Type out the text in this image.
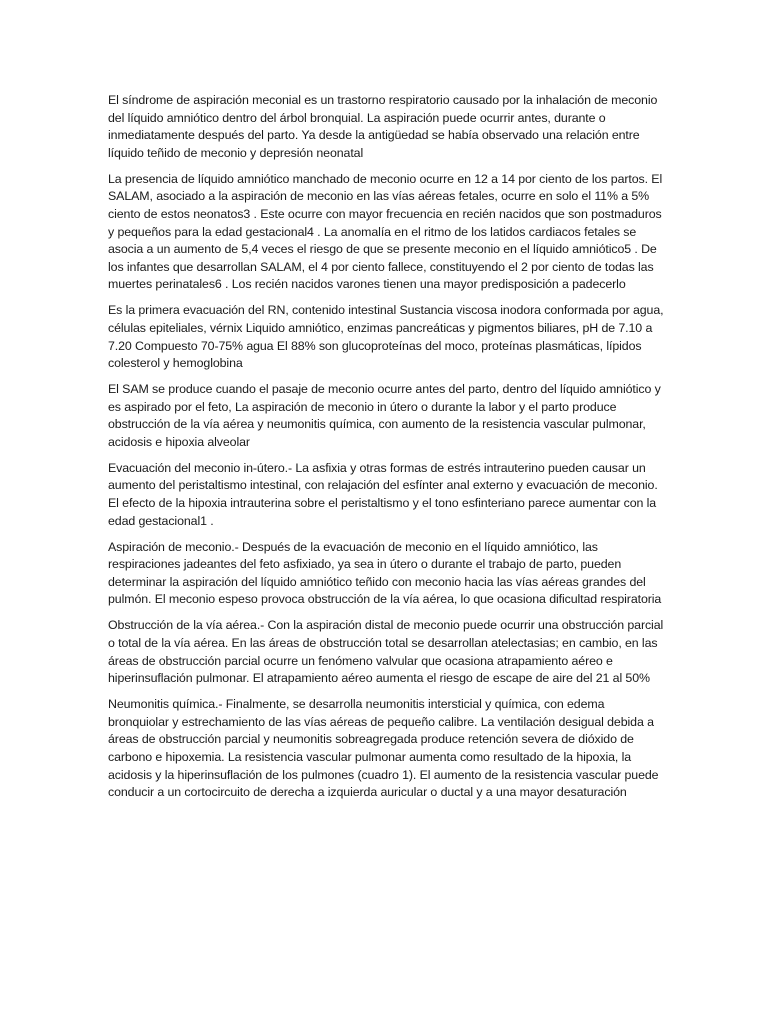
El síndrome de aspiración meconial es un trastorno respiratorio causado por la inhalación de meconio del líquido amniótico dentro del árbol bronquial. La aspiración puede ocurrir antes, durante o inmediatamente después del parto. Ya desde la antigüedad se había observado una relación entre líquido teñido de meconio y depresión neonatal

La presencia de líquido amniótico manchado de meconio ocurre en 12 a 14 por ciento de los partos. El SALAM, asociado a la aspiración de meconio en las vías aéreas fetales, ocurre en solo el 11% a 5% ciento de estos neonatos3 . Este ocurre con mayor frecuencia en recién nacidos que son postmaduros y pequeños para la edad gestacional4 . La anomalía en el ritmo de los latidos cardiacos fetales se asocia a un aumento de 5,4 veces el riesgo de que se presente meconio en el líquido amniótico5 . De los infantes que desarrollan SALAM, el 4 por ciento fallece, constituyendo el 2 por ciento de todas las muertes perinatales6 . Los recién nacidos varones tienen una mayor predisposición a padecerlo

Es la primera evacuación del RN, contenido intestinal Sustancia viscosa inodora conformada por agua, células epiteliales, vérnix Liquido amniótico, enzimas pancreáticas y pigmentos biliares, pH de 7.10 a 7.20 Compuesto 70-75% agua El 88% son glucoproteínas del moco, proteínas plasmáticas, lípidos colesterol y hemoglobina

El SAM se produce cuando el pasaje de meconio ocurre antes del parto, dentro del líquido amniótico y es aspirado por el feto, La aspiración de meconio in útero o durante la labor y el parto produce obstrucción de la vía aérea y neumonitis química, con aumento de la resistencia vascular pulmonar, acidosis e hipoxia alveolar

Evacuación del meconio in-útero.- La asfixia y otras formas de estrés intrauterino pueden causar un aumento del peristaltismo intestinal, con relajación del esfínter anal externo y evacuación de meconio. El efecto de la hipoxia intrauterina sobre el peristaltismo y el tono esfinteriano parece aumentar con la edad gestacional1 .

Aspiración de meconio.- Después de la evacuación de meconio en el líquido amniótico, las respiraciones jadeantes del feto asfixiado, ya sea in útero o durante el trabajo de parto, pueden determinar la aspiración del líquido amniótico teñido con meconio hacia las vías aéreas grandes del pulmón. El meconio espeso provoca obstrucción de la vía aérea, lo que ocasiona dificultad respiratoria

Obstrucción de la vía aérea.- Con la aspiración distal de meconio puede ocurrir una obstrucción parcial o total de la vía aérea. En las áreas de obstrucción total se desarrollan atelectasias; en cambio, en las áreas de obstrucción parcial ocurre un fenómeno valvular que ocasiona atrapamiento aéreo e hiperinsuflación pulmonar. El atrapamiento aéreo aumenta el riesgo de escape de aire del 21 al 50%

Neumonitis química.- Finalmente, se desarrolla neumonitis intersticial y química, con edema bronquiolar y estrechamiento de las vías aéreas de pequeño calibre. La ventilación desigual debida a áreas de obstrucción parcial y neumonitis sobreagregada produce retención severa de dióxido de carbono e hipoxemia. La resistencia vascular pulmonar aumenta como resultado de la hipoxia, la acidosis y la hiperinsuflación de los pulmones (cuadro 1). El aumento de la resistencia vascular puede conducir a un cortocircuito de derecha a izquierda auricular o ductal y a una mayor desaturación
